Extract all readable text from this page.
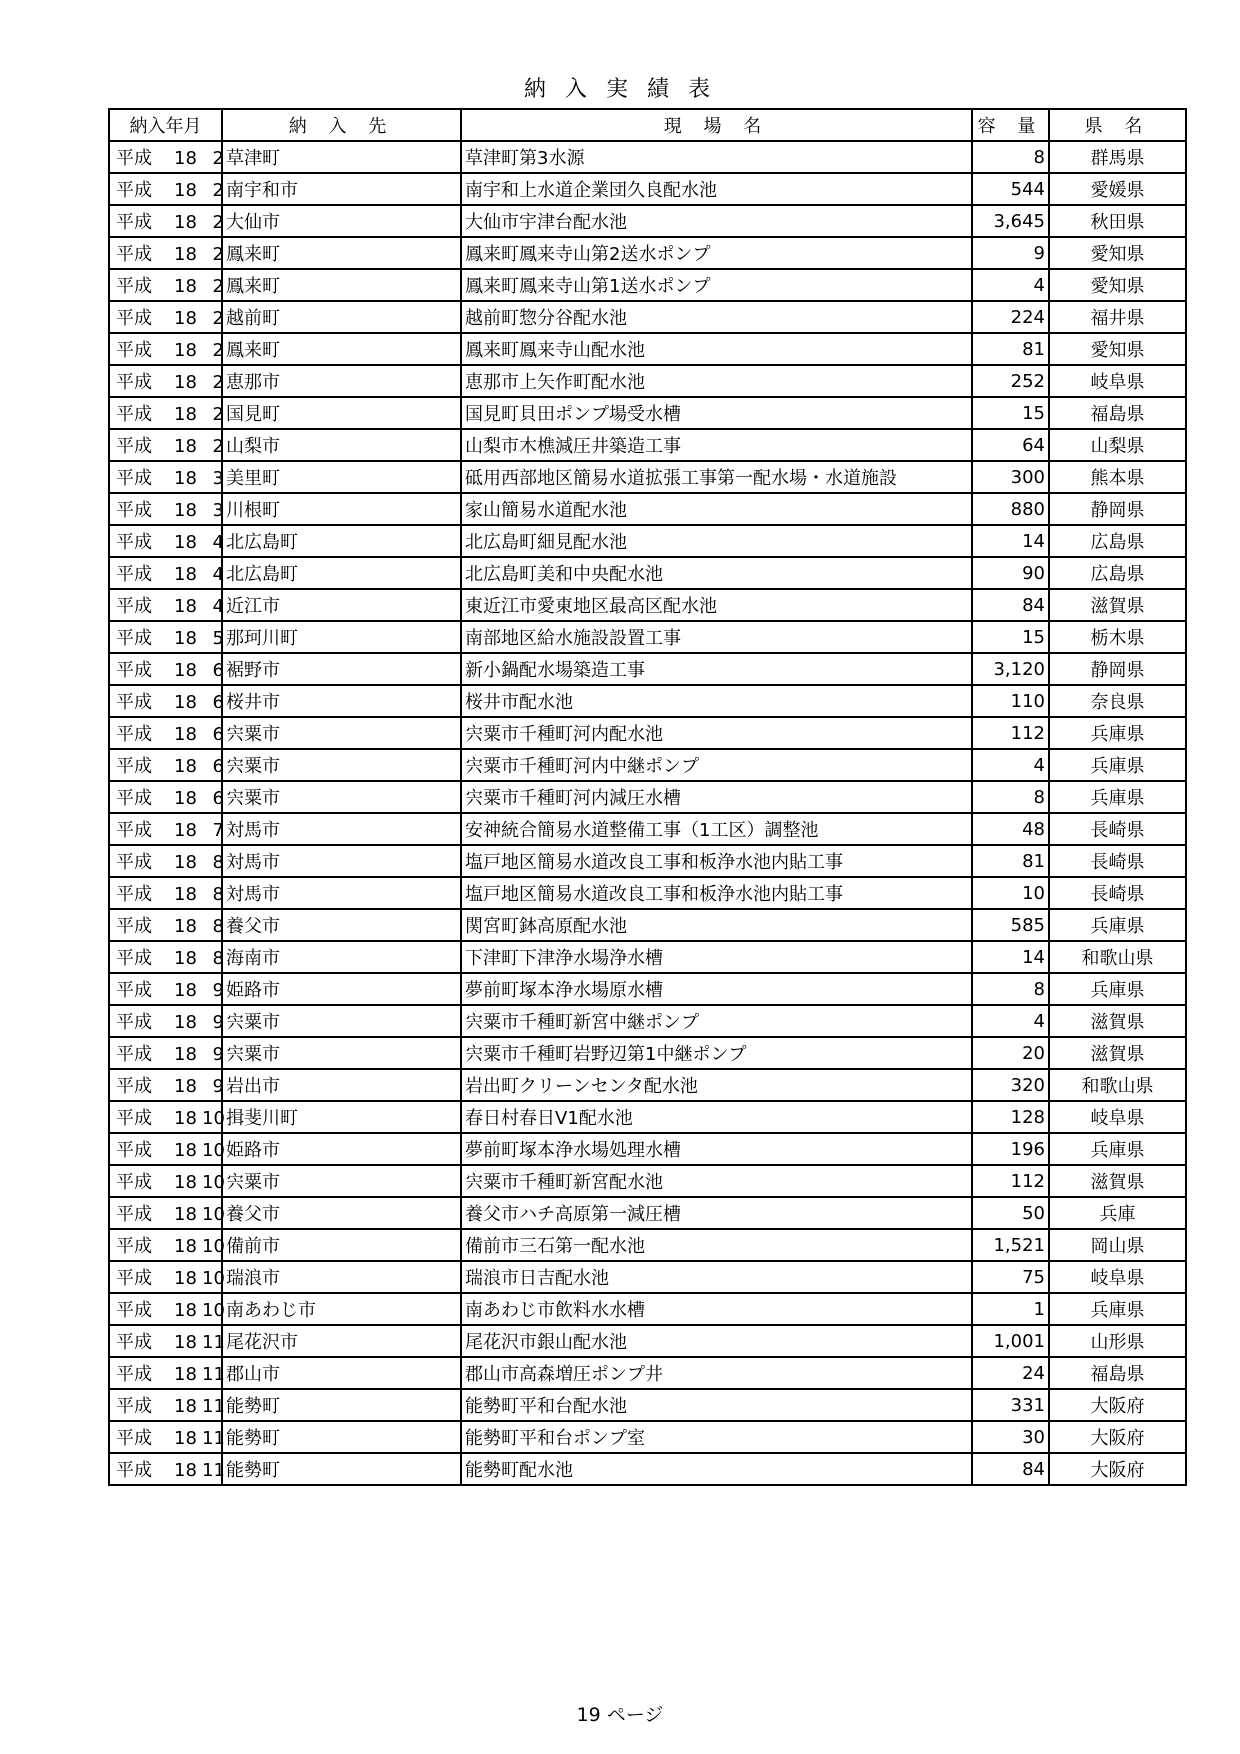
納 入 実 績 表
納入年月	納 入 先	現 場 名	容 量	県 名
平成 18 2	草津町	草津町第3水源	8	群馬県
平成 18 2	南宇和市	南宇和上水道企業団久良配水池	544	愛媛県
平成 18 2	大仙市	大仙市宇津台配水池	3,645	秋田県
平成 18 2	鳳来町	鳳来町鳳来寺山第2送水ポンプ	9	愛知県
平成 18 2	鳳来町	鳳来町鳳来寺山第1送水ポンプ	4	愛知県
平成 18 2	越前町	越前町惣分谷配水池	224	福井県
平成 18 2	鳳来町	鳳来町鳳来寺山配水池	81	愛知県
平成 18 2	恵那市	恵那市上矢作町配水池	252	岐阜県
平成 18 2	国見町	国見町貝田ポンプ場受水槽	15	福島県
平成 18 2	山梨市	山梨市木樵減圧井築造工事	64	山梨県
平成 18 3	美里町	砥用西部地区簡易水道拡張工事第一配水場・水道施設	300	熊本県
平成 18 3	川根町	家山簡易水道配水池	880	静岡県
平成 18 4	北広島町	北広島町細見配水池	14	広島県
平成 18 4	北広島町	北広島町美和中央配水池	90	広島県
平成 18 4	近江市	東近江市愛東地区最高区配水池	84	滋賀県
平成 18 5	那珂川町	南部地区給水施設設置工事	15	栃木県
平成 18 6	裾野市	新小鍋配水場築造工事	3,120	静岡県
平成 18 6	桜井市	桜井市配水池	110	奈良県
平成 18 6	宍粟市	宍粟市千種町河内配水池	112	兵庫県
平成 18 6	宍粟市	宍粟市千種町河内中継ポンプ	4	兵庫県
平成 18 6	宍粟市	宍粟市千種町河内減圧水槽	8	兵庫県
平成 18 7	対馬市	安神統合簡易水道整備工事（1工区）調整池	48	長崎県
平成 18 8	対馬市	塩戸地区簡易水道改良工事和板浄水池内貼工事	81	長崎県
平成 18 8	対馬市	塩戸地区簡易水道改良工事和板浄水池内貼工事	10	長崎県
平成 18 8	養父市	関宮町鉢高原配水池	585	兵庫県
平成 18 8	海南市	下津町下津浄水場浄水槽	14	和歌山県
平成 18 9	姫路市	夢前町塚本浄水場原水槽	8	兵庫県
平成 18 9	宍粟市	宍粟市千種町新宮中継ポンプ	4	滋賀県
平成 18 9	宍粟市	宍粟市千種町岩野辺第1中継ポンプ	20	滋賀県
平成 18 9	岩出市	岩出町クリーンセンタ配水池	320	和歌山県
平成 18 10	揖斐川町	春日村春日V1配水池	128	岐阜県
平成 18 10	姫路市	夢前町塚本浄水場処理水槽	196	兵庫県
平成 18 10	宍粟市	宍粟市千種町新宮配水池	112	滋賀県
平成 18 10	養父市	養父市ハチ高原第一減圧槽	50	兵庫
平成 18 10	備前市	備前市三石第一配水池	1,521	岡山県
平成 18 10	瑞浪市	瑞浪市日吉配水池	75	岐阜県
平成 18 10	南あわじ市	南あわじ市飲料水水槽	1	兵庫県
平成 18 11	尾花沢市	尾花沢市銀山配水池	1,001	山形県
平成 18 11	郡山市	郡山市高森増圧ポンプ井	24	福島県
平成 18 11	能勢町	能勢町平和台配水池	331	大阪府
平成 18 11	能勢町	能勢町平和台ポンプ室	30	大阪府
平成 18 11	能勢町	能勢町配水池	84	大阪府
19 ページ
